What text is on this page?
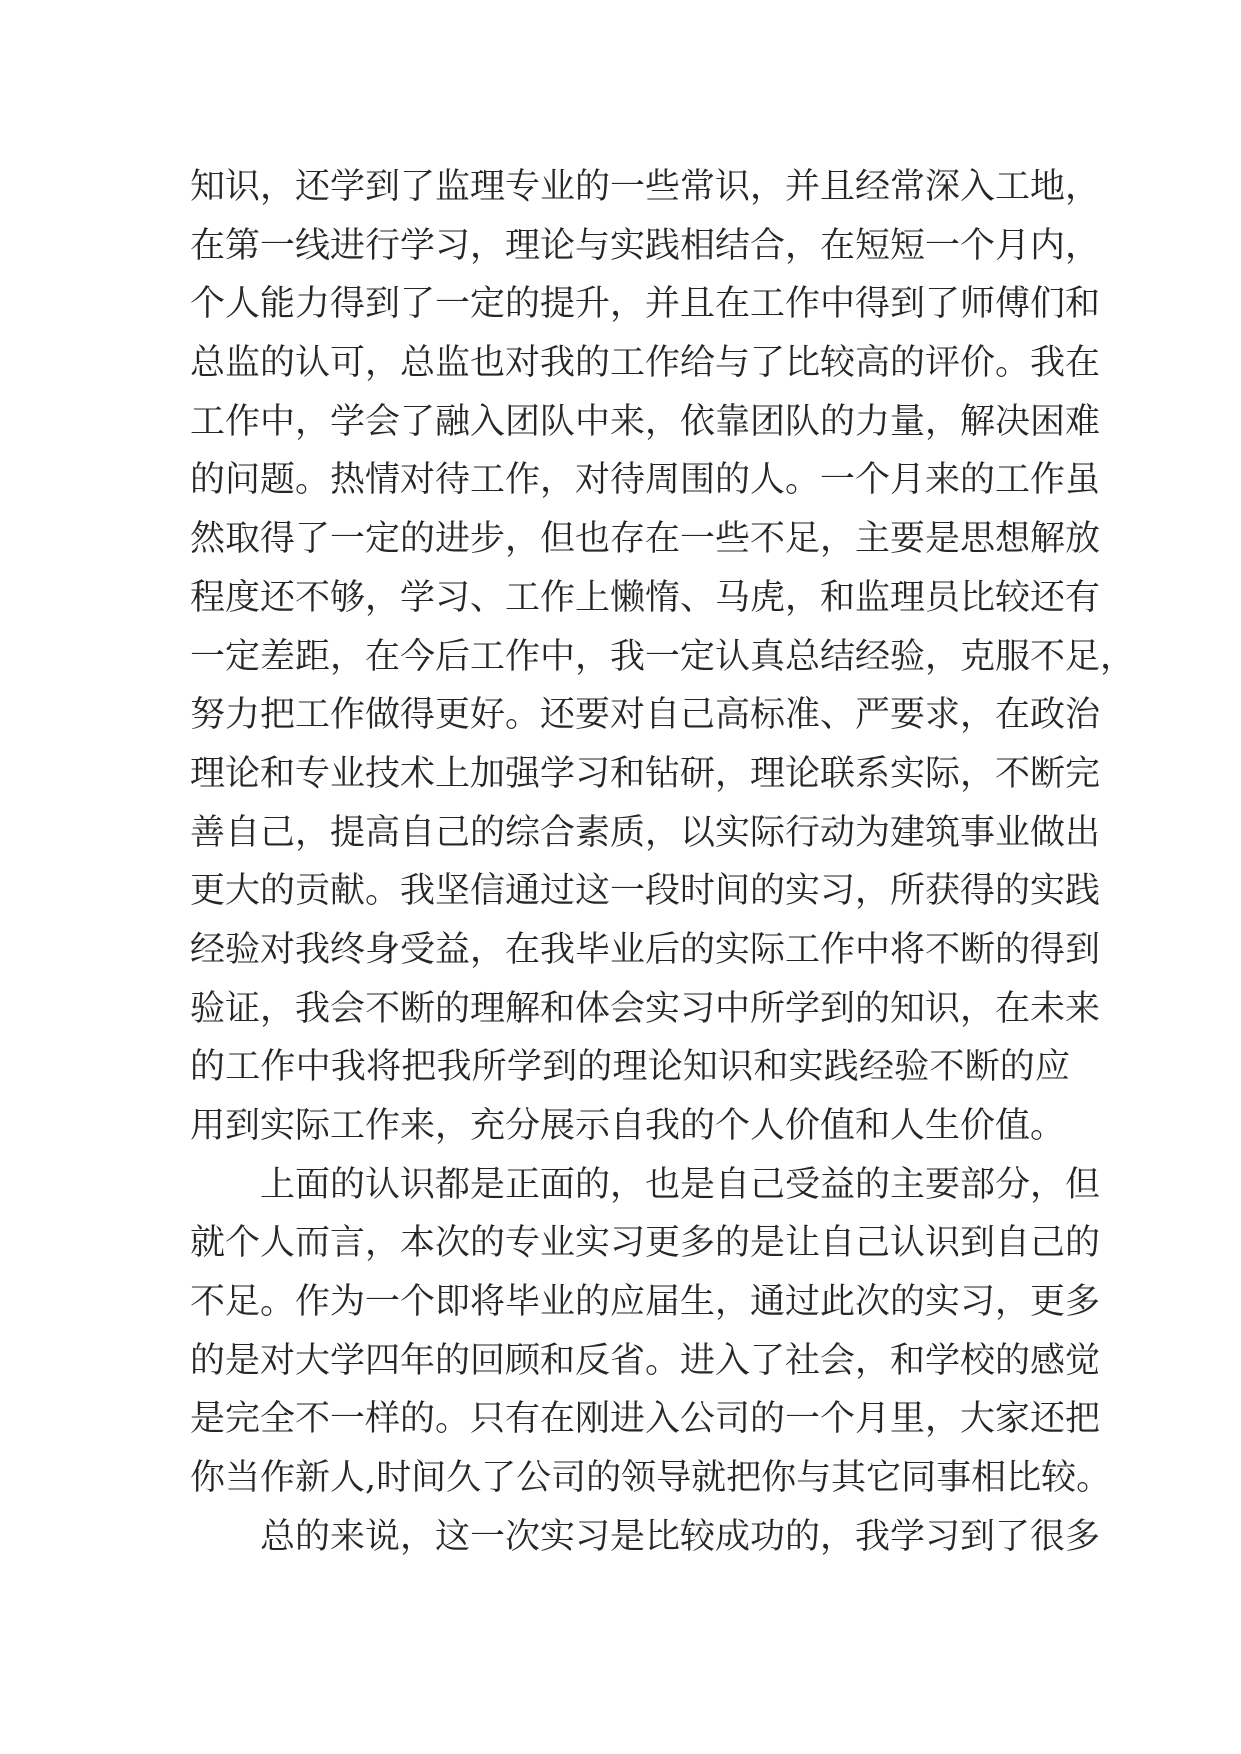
知识，还学到了监理专业的一些常识，并且经常深入工地，
在第一线进行学习，理论与实践相结合，在短短一个月内，
个人能力得到了一定的提升，并且在工作中得到了师傅们和
总监的认可，总监也对我的工作给与了比较高的评价。我在
工作中，学会了融入团队中来，依靠团队的力量，解决困难
的问题。热情对待工作，对待周围的人。一个月来的工作虽
然取得了一定的进步，但也存在一些不足，主要是思想解放
程度还不够，学习、工作上懒惰、马虎，和监理员比较还有
一定差距，在今后工作中，我一定认真总结经验，克服不足，
努力把工作做得更好。还要对自己高标准、严要求，在政治
理论和专业技术上加强学习和钻研，理论联系实际，不断完
善自己，提高自己的综合素质，以实际行动为建筑事业做出
更大的贡献。我坚信通过这一段时间的实习，所获得的实践
经验对我终身受益，在我毕业后的实际工作中将不断的得到
验证，我会不断的理解和体会实习中所学到的知识，在未来
的工作中我将把我所学到的理论知识和实践经验不断的应
用到实际工作来，充分展示自我的个人价值和人生价值。
上面的认识都是正面的，也是自己受益的主要部分，但
就个人而言，本次的专业实习更多的是让自己认识到自己的
不足。作为一个即将毕业的应届生，通过此次的实习，更多
的是对大学四年的回顾和反省。进入了社会，和学校的感觉
是完全不一样的。只有在刚进入公司的一个月里，大家还把
你当作新人,时间久了公司的领导就把你与其它同事相比较。
总的来说，这一次实习是比较成功的，我学习到了很多
